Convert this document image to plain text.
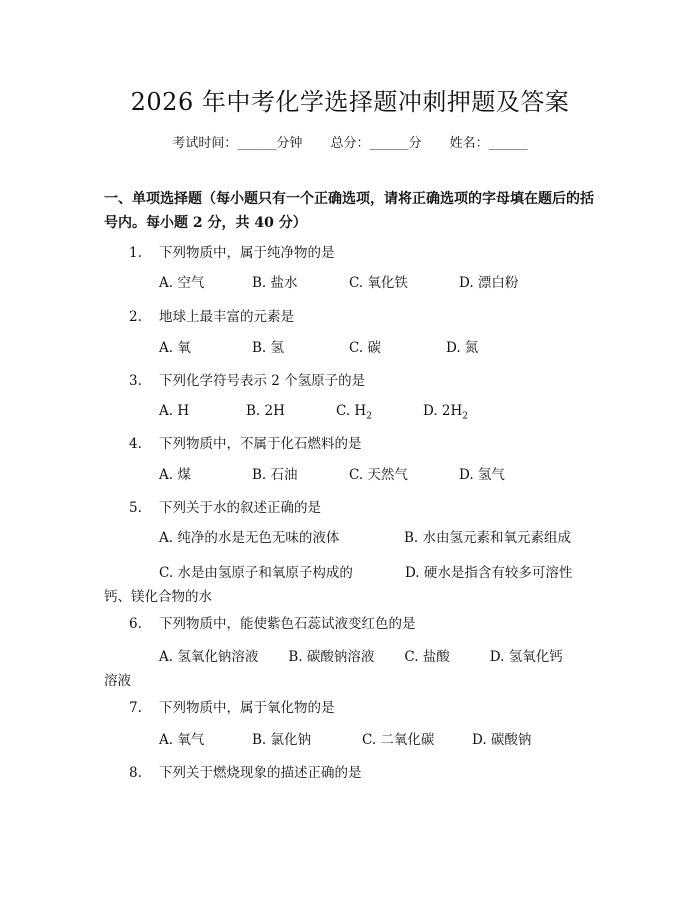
2026 年中考化学选择题冲刺押题及答案
考试时间：______分钟 总分：______分 姓名：______
一、单项选择题（每小题只有一个正确选项，请将正确选项的字母填在题后的括号内。每小题 2 分，共 40 分）
1. 下列物质中，属于纯净物的是
A. 空气	B. 盐水	C. 氧化铁	D. 漂白粉
2. 地球上最丰富的元素是
A. 氧	B. 氢	C. 碳	D. 氮
3. 下列化学符号表示 2 个氢原子的是
A. H	B. 2H	C. $H_2$	D. $2H_2$
4. 下列物质中，不属于化石燃料的是
A. 煤	B. 石油	C. 天然气	D. 氢气
5. 下列关于水的叙述正确的是
A. 纯净的水是无色无味的液体	B. 水由氢元素和氧元素组成
C. 水是由氢原子和氧原子构成的	D. 硬水是指含有较多可溶性钙、镁化合物的水
6. 下列物质中，能使紫色石蕊试液变红色的是
A. 氢氧化钠溶液 B. 碳酸钠溶液 C. 盐酸	D. 氢氧化钙溶液
7. 下列物质中，属于氧化物的是
A. 氧气	B. 氯化钠	C. 二氧化碳	D. 碳酸钠
8. 下列关于燃烧现象的描述正确的是
